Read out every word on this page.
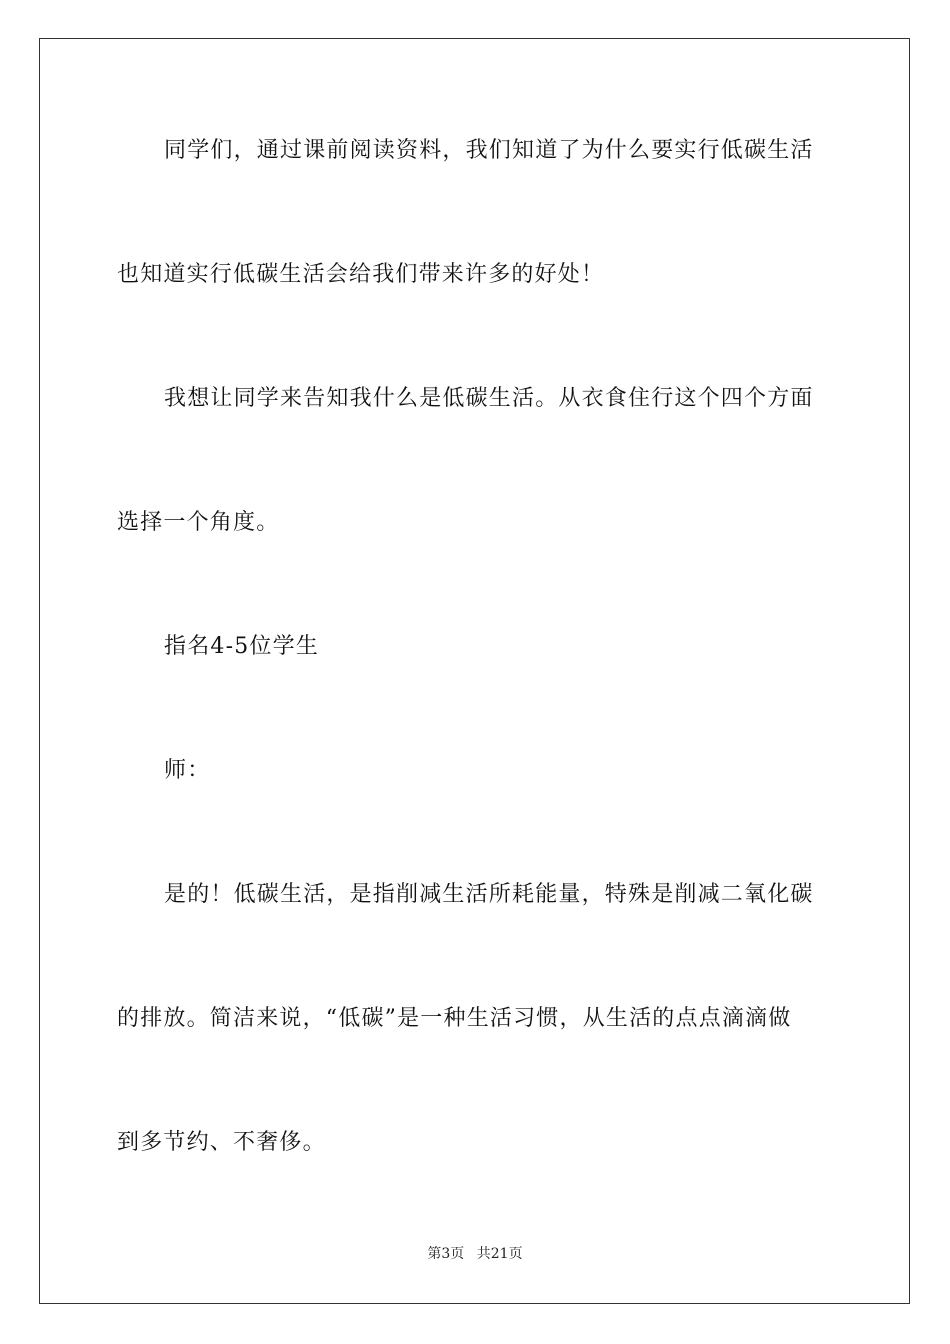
同学们，通过课前阅读资料，我们知道了为什么要实行低碳生活
也知道实行低碳生活会给我们带来许多的好处！
我想让同学来告知我什么是低碳生活。从衣食住行这个四个方面
选择一个角度。
指名4-5位学生
师：
是的！低碳生活，是指削减生活所耗能量，特殊是削减二氧化碳
的排放。简洁来说，“低碳”是一种生活习惯，从生活的点点滴滴做
到多节约、不奢侈。
第3页 共21页
